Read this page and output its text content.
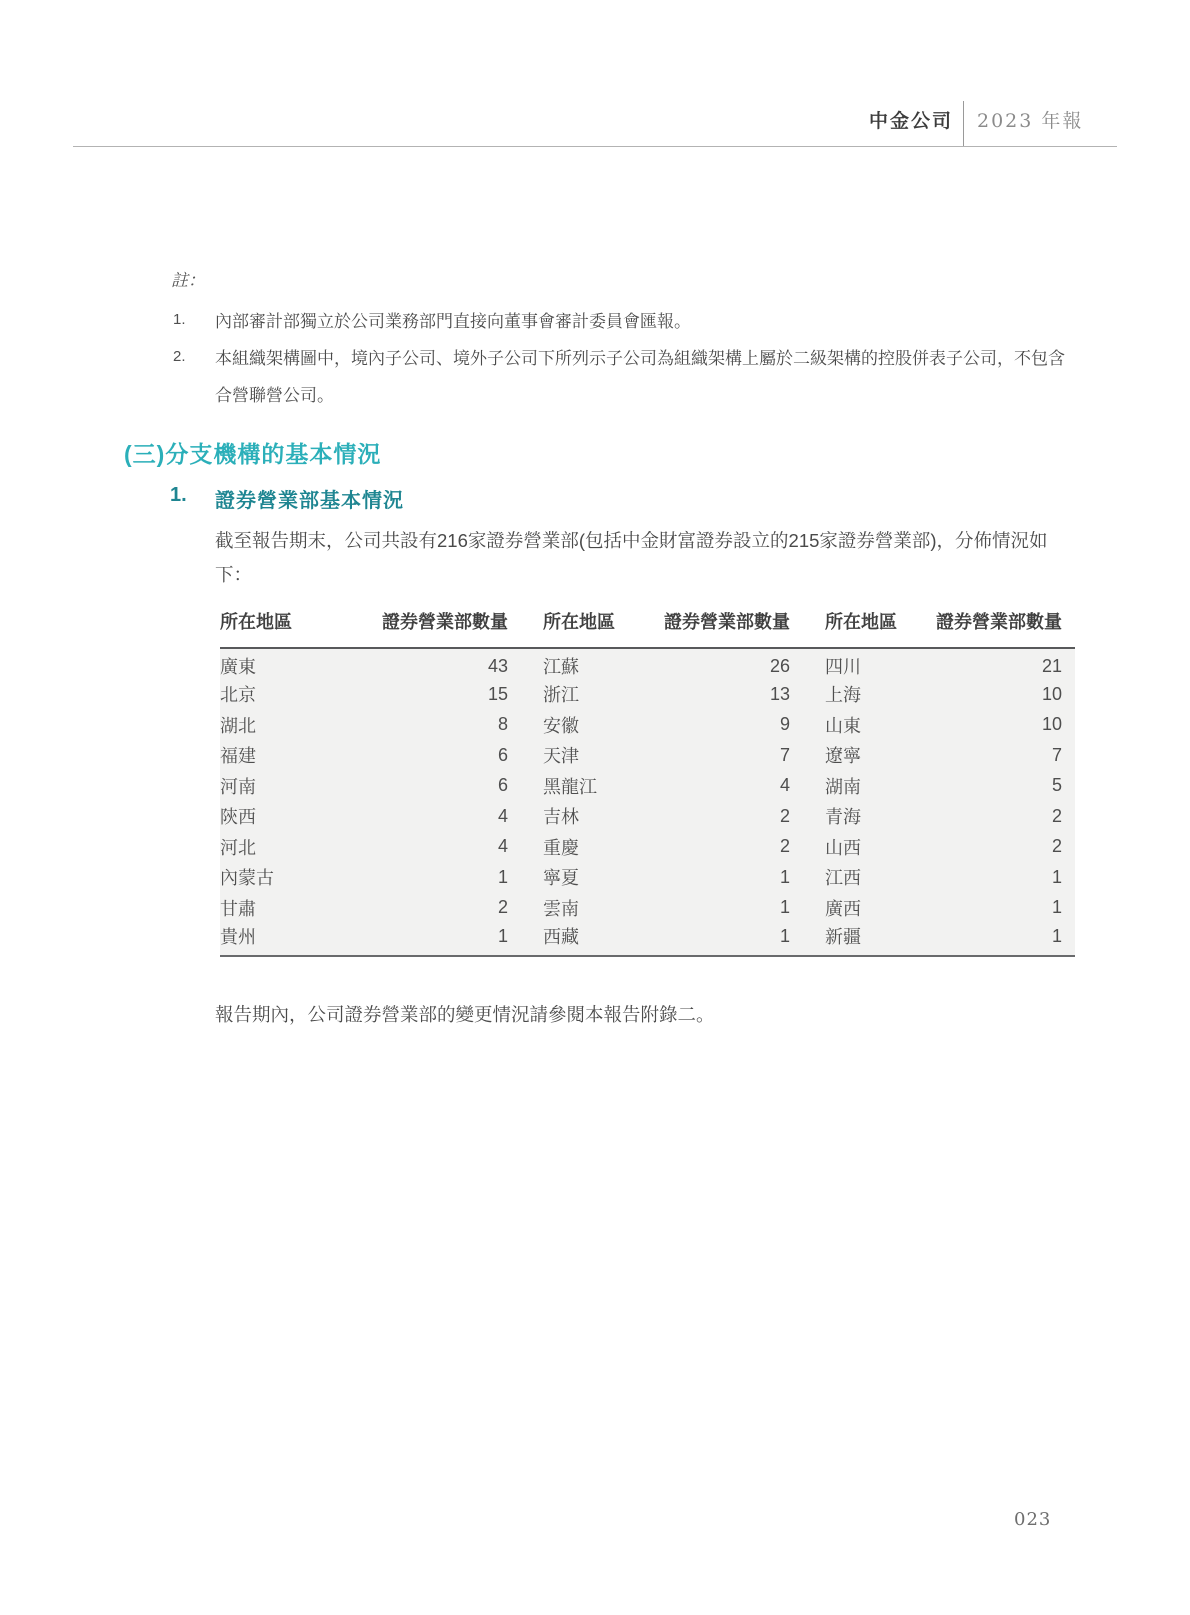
中金公司 2023 年報
註：
1. 內部審計部獨立於公司業務部門直接向董事會審計委員會匯報。
2. 本組織架構圖中，境內子公司、境外子公司下所列示子公司為組織架構上屬於二級架構的控股併表子公司，不包含合營聯營公司。
(三)分支機構的基本情況
1. 證券營業部基本情況
截至報告期末，公司共設有216家證券營業部(包括中金財富證券設立的215家證券營業部)，分佈情況如下：
所在地區	證券營業部數量	所在地區	證券營業部數量	所在地區	證券營業部數量
廣東	43	江蘇	26	四川	21
北京	15	浙江	13	上海	10
湖北	8	安徽	9	山東	10
福建	6	天津	7	遼寧	7
河南	6	黑龍江	4	湖南	5
陝西	4	吉林	2	青海	2
河北	4	重慶	2	山西	2
內蒙古	1	寧夏	1	江西	1
甘肅	2	雲南	1	廣西	1
貴州	1	西藏	1	新疆	1
報告期內，公司證券營業部的變更情況請參閱本報告附錄二。
023
